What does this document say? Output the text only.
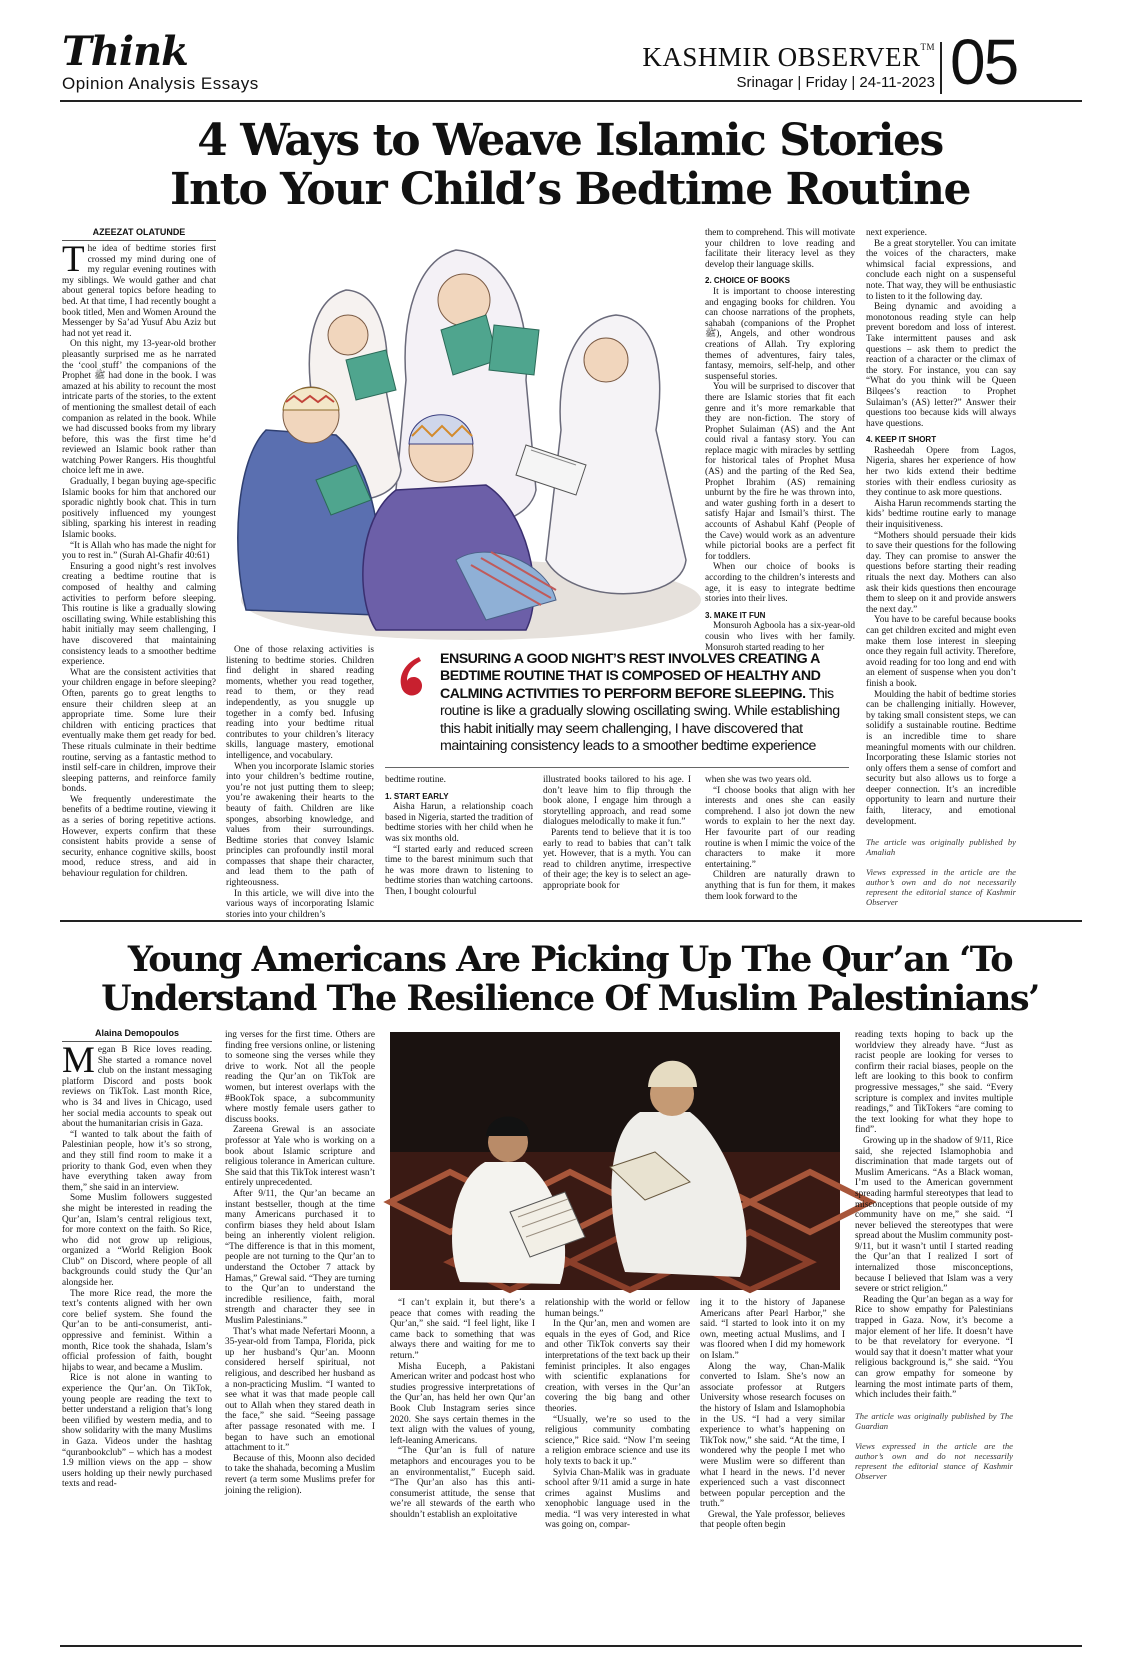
Think
Opinion Analysis Essays
KASHMIR OBSERVER™
Srinagar | Friday | 24-11-2023 05
4 Ways to Weave Islamic Stories
Into Your Child’s Bedtime Routine
AZEEZAT OLATUNDE

The idea of bedtime stories first crossed my mind during one of my regular evening routines with my siblings. We would gather and chat about general topics before heading to bed. At that time, I had recently bought a book titled, Men and Women Around the Messenger by Sa’ad Yusuf Abu Aziz but had not yet read it.

On this night, my 13-year-old brother pleasantly surprised me as he narrated the ‘cool stuff’ the companions of the Prophet ﷺ had done in the book. I was amazed at his ability to recount the most intricate parts of the stories, to the extent of mentioning the smallest detail of each companion as related in the book. While we had discussed books from my library before, this was the first time he’d reviewed an Islamic book rather than watching Power Rangers. His thoughtful choice left me in awe.

Gradually, I began buying age-specific Islamic books for him that anchored our sporadic nightly book chat. This in turn positively influenced my youngest sibling, sparking his interest in reading Islamic books.

“It is Allah who has made the night for you to rest in.” (Surah Al-Ghafir 40:61)

Ensuring a good night’s rest involves creating a bedtime routine that is composed of healthy and calming activities to perform before sleeping. This routine is like a gradually slowing oscillating swing. While establishing this habit initially may seem challenging, I have discovered that maintaining consistency leads to a smoother bedtime experience.

What are the consistent activities that your children engage in before sleeping? Often, parents go to great lengths to ensure their children sleep at an appropriate time. Some lure their children with enticing practices that eventually make them get ready for bed. These rituals culminate in their bedtime routine, serving as a fantastic method to instil self-care in children, improve their sleeping patterns, and reinforce family bonds.

We frequently underestimate the benefits of a bedtime routine, viewing it as a series of boring repetitive actions. However, experts confirm that these consistent habits provide a sense of security, enhance cognitive skills, boost mood, reduce stress, and aid in behaviour regulation for children.

One of those relaxing activities is listening to bedtime stories. Children find delight in shared reading moments, whether you read together, read to them, or they read independently, as you snuggle up together in a comfy bed. Infusing reading into your bedtime ritual contributes to your children’s literacy skills, language mastery, emotional intelligence, and vocabulary.

When you incorporate Islamic stories into your children’s bedtime routine, you’re not just putting them to sleep; you’re awakening their hearts to the beauty of faith. Children are like sponges, absorbing knowledge, and values from their surroundings. Bedtime stories that convey Islamic principles can profoundly instil moral compasses that shape their character, and lead them to the path of righteousness.

In this article, we will dive into the various ways of incorporating Islamic stories into your children’s

ENSURING A GOOD NIGHT’S REST INVOLVES CREATING A BEDTIME ROUTINE THAT IS COMPOSED OF HEALTHY AND CALMING ACTIVITIES TO PERFORM BEFORE SLEEPING. This routine is like a gradually slowing oscillating swing. While establishing this habit initially may seem challenging, I have discovered that maintaining consistency leads to a smoother bedtime experience

bedtime routine.

1. START EARLY

Aisha Harun, a relationship coach based in Nigeria, started the tradition of bedtime stories with her child when he was six months old.

“I started early and reduced screen time to the barest minimum such that he was more drawn to listening to bedtime stories than watching cartoons. Then, I bought colourful

illustrated books tailored to his age. I don’t leave him to flip through the book alone, I engage him through a storytelling approach, and read some dialogues melodically to make it fun.”

Parents tend to believe that it is too early to read to babies that can’t talk yet. However, that is a myth. You can read to children anytime, irrespective of their age; the key is to select an age-appropriate book for

them to comprehend. This will motivate your children to love reading and facilitate their literacy level as they develop their language skills.

2. CHOICE OF BOOKS

It is important to choose interesting and engaging books for children. You can choose narrations of the prophets, sahabah (companions of the Prophet ﷺ), Angels, and other wondrous creations of Allah. Try exploring themes of adventures, fairy tales, fantasy, memoirs, self-help, and other suspenseful stories.

You will be surprised to discover that there are Islamic stories that fit each genre and it’s more remarkable that they are non-fiction. The story of Prophet Sulaiman (AS) and the Ant could rival a fantasy story. You can replace magic with miracles by settling for historical tales of Prophet Musa (AS) and the parting of the Red Sea, Prophet Ibrahim (AS) remaining unburnt by the fire he was thrown into, and water gushing forth in a desert to satisfy Hajar and Ismail’s thirst. The accounts of Ashabul Kahf (People of the Cave) would work as an adventure while pictorial books are a perfect fit for toddlers.

When our choice of books is according to the children’s interests and age, it is easy to integrate bedtime stories into their lives.

3. MAKE IT FUN

Monsuroh Agboola has a six-year-old cousin who lives with her family. Monsuroh started reading to her

when she was two years old.

“I choose books that align with her interests and ones she can easily comprehend. I also jot down the new words to explain to her the next day. Her favourite part of our reading routine is when I mimic the voice of the characters to make it more entertaining.”

Children are naturally drawn to anything that is fun for them, it makes them look forward to the

next experience.

Be a great storyteller. You can imitate the voices of the characters, make whimsical facial expressions, and conclude each night on a suspenseful note. That way, they will be enthusiastic to listen to it the following day.

Being dynamic and avoiding a monotonous reading style can help prevent boredom and loss of interest. Take intermittent pauses and ask questions – ask them to predict the reaction of a character or the climax of the story. For instance, you can say “What do you think will be Queen Bilqees’s reaction to Prophet Sulaiman’s (AS) letter?” Answer their questions too because kids will always have questions.

4. KEEP IT SHORT

Rasheedah Opere from Lagos, Nigeria, shares her experience of how her two kids extend their bedtime stories with their endless curiosity as they continue to ask more questions.

Aisha Harun recommends starting the kids’ bedtime routine early to manage their inquisitiveness.

“Mothers should persuade their kids to save their questions for the following day. They can promise to answer the questions before starting their reading rituals the next day. Mothers can also ask their kids questions then encourage them to sleep on it and provide answers the next day.”

You have to be careful because books can get children excited and might even make them lose interest in sleeping once they regain full activity. Therefore, avoid reading for too long and end with an element of suspense when you don’t finish a book.

Moulding the habit of bedtime stories can be challenging initially. However, by taking small consistent steps, we can solidify a sustainable routine. Bedtime is an incredible time to share meaningful moments with our children. Incorporating these Islamic stories not only offers them a sense of comfort and security but also allows us to forge a deeper connection. It’s an incredible opportunity to learn and nurture their faith, literacy, and emotional development.

The article was originally published by Amaliah

Views expressed in the article are the author’s own and do not necessarily represent the editorial stance of Kashmir Observer

Young Americans Are Picking Up The Qur’an ‘To
Understand The Resilience Of Muslim Palestinians’
Alaina Demopoulos

Megan B Rice loves reading. She started a romance novel club on the instant messaging platform Discord and posts book reviews on TikTok. Last month Rice, who is 34 and lives in Chicago, used her social media accounts to speak out about the humanitarian crisis in Gaza.

“I wanted to talk about the faith of Palestinian people, how it’s so strong, and they still find room to make it a priority to thank God, even when they have everything taken away from them,” she said in an interview.

Some Muslim followers suggested she might be interested in reading the Qur’an, Islam’s central religious text, for more context on the faith. So Rice, who did not grow up religious, organized a “World Religion Book Club” on Discord, where people of all backgrounds could study the Qur’an alongside her.

The more Rice read, the more the text’s contents aligned with her own core belief system. She found the Qur’an to be anti-consumerist, anti-oppressive and feminist. Within a month, Rice took the shahada, Islam’s official profession of faith, bought hijabs to wear, and became a Muslim.

Rice is not alone in wanting to experience the Qur’an. On TikTok, young people are reading the text to better understand a religion that’s long been vilified by western media, and to show solidarity with the many Muslims in Gaza. Videos under the hashtag “quranbookclub” – which has a modest 1.9 million views on the app – show users holding up their newly purchased texts and read-

ing verses for the first time. Others are finding free versions online, or listening to someone sing the verses while they drive to work. Not all the people reading the Qur’an on TikTok are women, but interest overlaps with the #BookTok space, a subcommunity where mostly female users gather to discuss books.

Zareena Grewal is an associate professor at Yale who is working on a book about Islamic scripture and religious tolerance in American culture. She said that this TikTok interest wasn’t entirely unprecedented.

After 9/11, the Qur’an became an instant bestseller, though at the time many Americans purchased it to confirm biases they held about Islam being an inherently violent religion. “The difference is that in this moment, people are not turning to the Qur’an to understand the October 7 attack by Hamas,” Grewal said. “They are turning to the Qur’an to understand the incredible resilience, faith, moral strength and character they see in Muslim Palestinians.”

That’s what made Nefertari Moonn, a 35-year-old from Tampa, Florida, pick up her husband’s Qur’an. Moonn considered herself spiritual, not religious, and described her husband as a non-practicing Muslim. “I wanted to see what it was that made people call out to Allah when they stared death in the face,” she said. “Seeing passage after passage resonated with me. I began to have such an emotional attachment to it.”

Because of this, Moonn also decided to take the shahada, becoming a Muslim revert (a term some Muslims prefer for joining the religion).

“I can’t explain it, but there’s a peace that comes with reading the Qur’an,” she said. “I feel light, like I came back to something that was always there and waiting for me to return.”

Misha Euceph, a Pakistani American writer and podcast host who studies progressive interpretations of the Qur’an, has held her own Qur’an Book Club Instagram series since 2020. She says certain themes in the text align with the values of young, left-leaning Americans.

“The Qur’an is full of nature metaphors and encourages you to be an environmentalist,” Euceph said. “The Qur’an also has this anti-consumerist attitude, the sense that we’re all stewards of the earth who shouldn’t establish an exploitative

relationship with the world or fellow human beings.”

In the Qur’an, men and women are equals in the eyes of God, and Rice and other TikTok converts say their interpretations of the text back up their feminist principles. It also engages with scientific explanations for creation, with verses in the Qur’an covering the big bang and other theories.

“Usually, we’re so used to the religious community combating science,” Rice said. “Now I’m seeing a religion embrace science and use its holy texts to back it up.”

Sylvia Chan-Malik was in graduate school after 9/11 amid a surge in hate crimes against Muslims and xenophobic language used in the media. “I was very interested in what was going on, compar-

ing it to the history of Japanese Americans after Pearl Harbor,” she said. “I started to look into it on my own, meeting actual Muslims, and I was floored when I did my homework on Islam.”

Along the way, Chan-Malik converted to Islam. She’s now an associate professor at Rutgers University whose research focuses on the history of Islam and Islamophobia in the US. “I had a very similar experience to what’s happening on TikTok now,” she said. “At the time, I wondered why the people I met who were Muslim were so different than what I heard in the news. I’d never experienced such a vast disconnect between popular perception and the truth.”

Grewal, the Yale professor, believes that people often begin

reading texts hoping to back up the worldview they already have. “Just as racist people are looking for verses to confirm their racial biases, people on the left are looking to this book to confirm progressive messages,” she said. “Every scripture is complex and invites multiple readings,” and TikTokers “are coming to the text looking for what they hope to find”.

Growing up in the shadow of 9/11, Rice said, she rejected Islamophobia and discrimination that made targets out of Muslim Americans. “As a Black woman, I’m used to the American government spreading harmful stereotypes that lead to misconceptions that people outside of my community have on me,” she said. “I never believed the stereotypes that were spread about the Muslim community post-9/11, but it wasn’t until I started reading the Qur’an that I realized I sort of internalized those misconceptions, because I believed that Islam was a very severe or strict religion.”

Reading the Qur’an began as a way for Rice to show empathy for Palestinians trapped in Gaza. Now, it’s become a major element of her life. It doesn’t have to be that revelatory for everyone. “I would say that it doesn’t matter what your religious background is,” she said. “You can grow empathy for someone by learning the most intimate parts of them, which includes their faith.”

The article was originally published by The Guardian

Views expressed in the article are the author’s own and do not necessarily represent the editorial stance of Kashmir Observer
